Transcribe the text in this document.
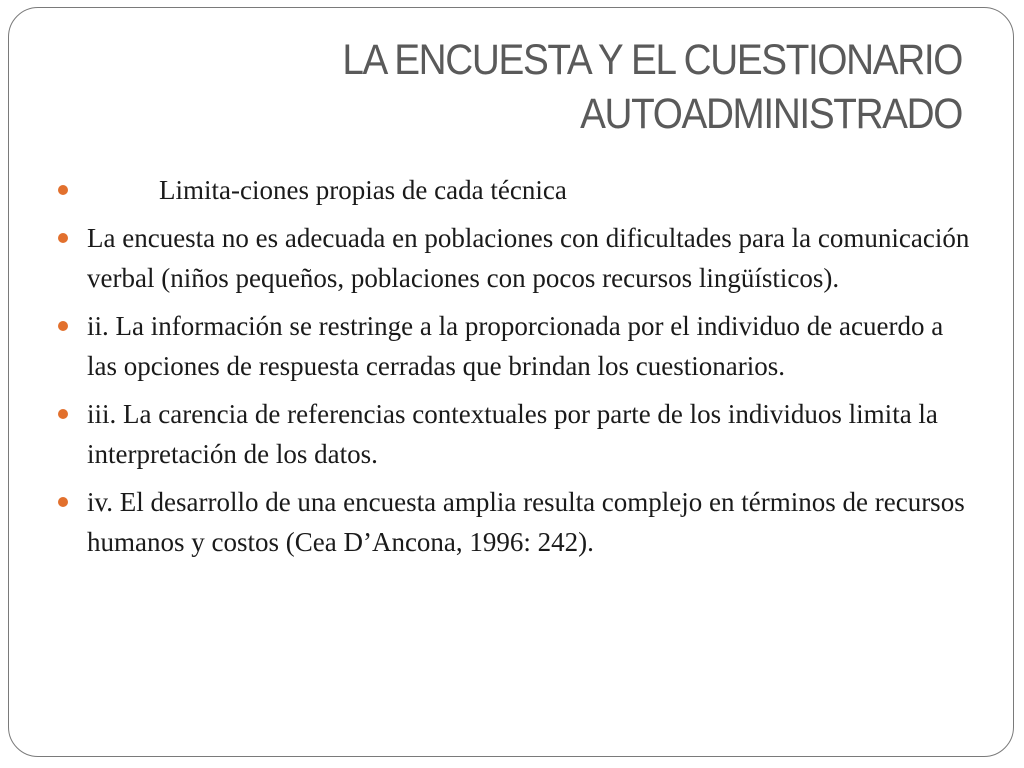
LA ENCUESTA Y EL CUESTIONARIO
AUTOADMINISTRADO
Limita-ciones propias de cada técnica
La encuesta no es adecuada en poblaciones con dificultades para la comunicación verbal (niños pequeños, poblaciones con pocos recursos lingüísticos).
ii. La información se restringe a la proporcionada por el individuo de acuerdo a las opciones de respuesta cerradas que brindan los cuestionarios.
iii. La carencia de referencias contextuales por parte de los individuos limita la interpretación de los datos.
iv. El desarrollo de una encuesta amplia resulta complejo en términos de recursos humanos y costos (Cea D’Ancona, 1996: 242).
